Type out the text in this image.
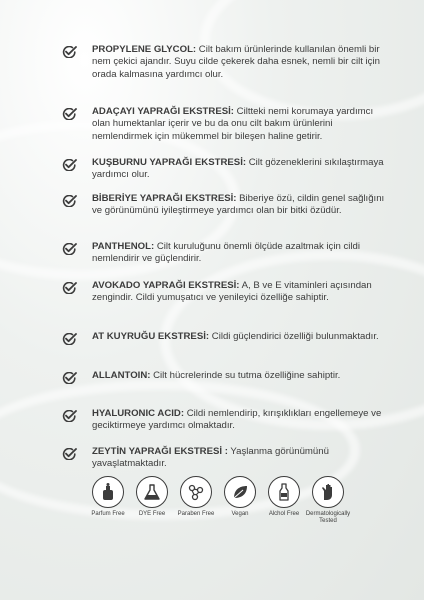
PROPYLENE GLYCOL: Cilt bakım ürünlerinde kullanılan önemli bir nem çekici ajandır. Suyu cilde çekerek daha esnek, nemli bir cilt için orada kalmasına yardımcı olur.
ADAÇAYI YAPRAĞI EKSTRESİ: Ciltteki nemi korumaya yardımcı olan humektanlar içerir ve bu da onu cilt bakım ürünlerini nemlendirmek için mükemmel bir bileşen haline getirir.
KUŞBURNU YAPRAĞI EKSTRESİ: Cilt gözeneklerini sıkılaştırmaya yardımcı olur.
BİBERİYE YAPRAĞI EKSTRESİ: Biberiye özü, cildin genel sağlığını ve görünümünü iyileştirmeye yardımcı olan bir bitki özüdür.
PANTHENOL: Cilt kuruluğunu önemli ölçüde azaltmak için cildi nemlendirir ve güçlendirir.
AVOKADO YAPRAĞI EKSTRESİ: A, B ve E vitaminleri açısından zengindir. Cildi yumuşatıcı ve yenileyici özelliğe sahiptir.
AT KUYRUĞU EKSTRESİ: Cildi güçlendirici özelliği bulunmaktadır.
ALLANTOIN: Cilt hücrelerinde su tutma özelliğine sahiptir.
HYALURONIC ACID: Cildi nemlendirip, kırışıklıkları engellemeye ve geciktirmeye yardımcı olmaktadır.
ZEYTİN YAPRAĞI EKSTRESİ : Yaşlanma görünümünü yavaşlatmaktadır.
Parfum Free DYE Free Paraben Free	Vegan	Alchol Free Dermatologically Tested
